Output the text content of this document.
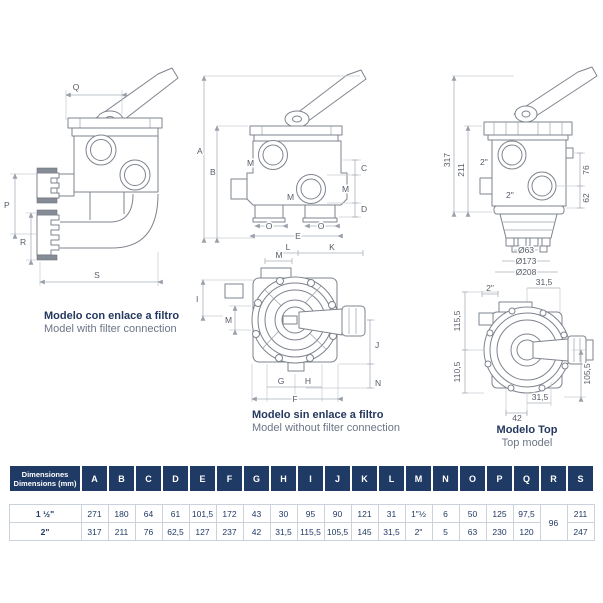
Q
P
R
S
Modelo con enlace a filtro
Model with filter connection
A
B	C
M
D
M
M
O	O
E
L	K
M
I
M
J
N
G H
F
Modelo sin enlace a filtro
Model without filter connection
2"
2"
317
211	76
62
Ø63
Ø173
Ø208
2"
31,5
115,5
110,5	105,5
31,5
42
Modelo Top
Top model
Dimensiones
Dimensions (mm)	A	B	C	D	E	F	G	H	I	J	K	L	M	N	O	P	Q	R	S

1 ½"	271	180	64	61	101,5	172	43	30	95	90	121	31	1"½	6	50	125	97,5	96	211
2"	317	211	76	62,5	127	237	42	31,5	115,5	105,5	145	31,5	2"	5	63	230	120		247
